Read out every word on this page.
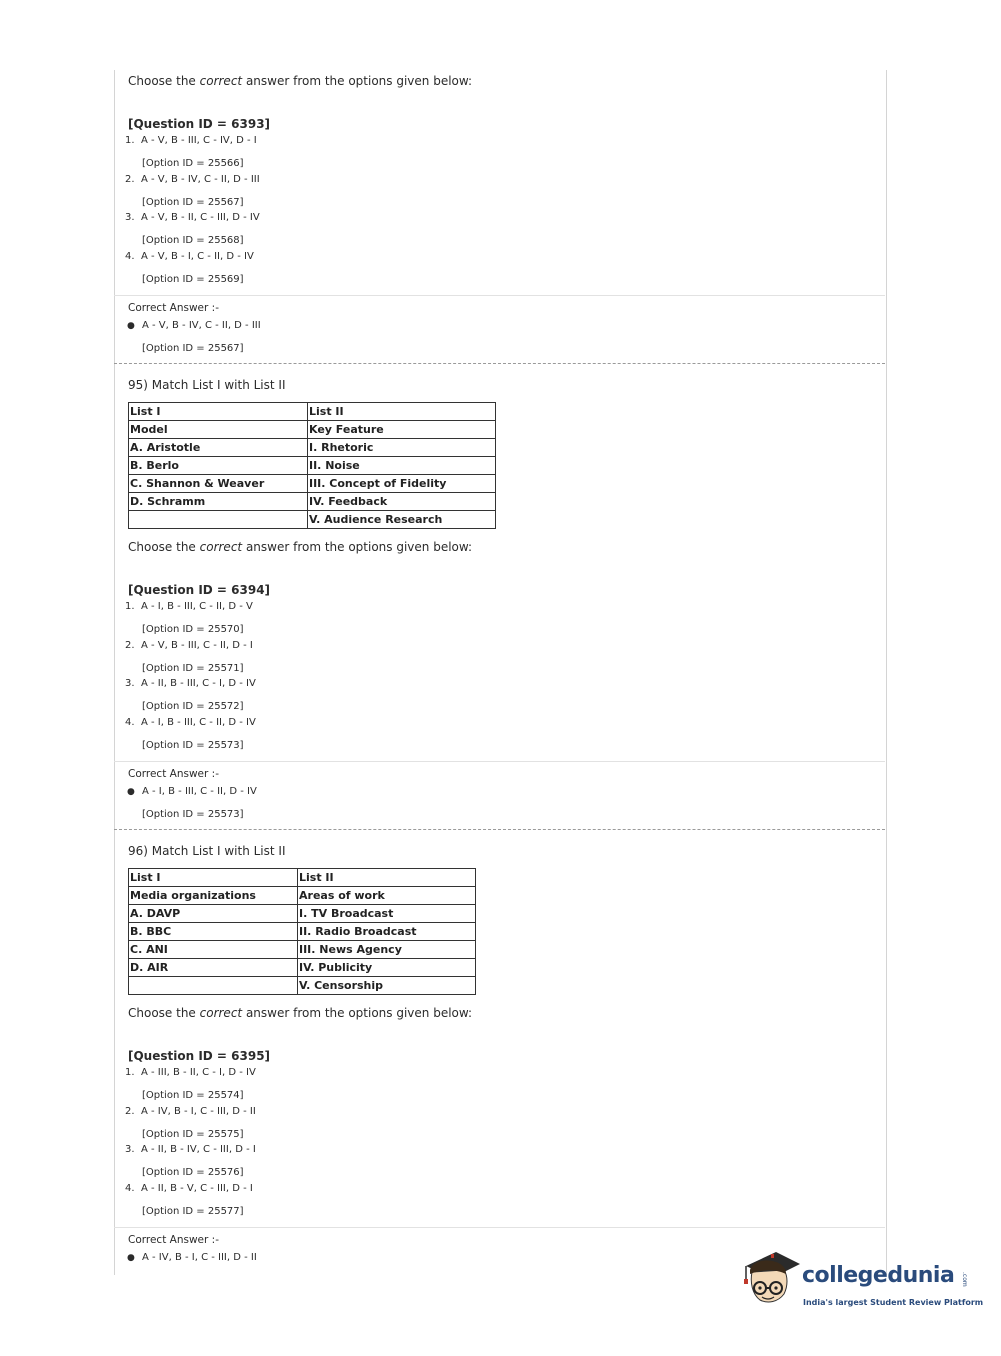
Choose the correct answer from the options given below:
[Question ID = 6393]
1. A - V, B - III, C - IV, D - I
[Option ID = 25566]
2. A - V, B - IV, C - II, D - III
[Option ID = 25567]
3. A - V, B - II, C - III, D - IV
[Option ID = 25568]
4. A - V, B - I, C - II, D - IV
[Option ID = 25569]
Correct Answer :-
● A - V, B - IV, C - II, D - III
[Option ID = 25567]
95) Match List I with List II
List I	List II
Model	Key Feature
A. Aristotle	I. Rhetoric
B. Berlo	II. Noise
C. Shannon & Weaver	III. Concept of Fidelity
D. Schramm	IV. Feedback
	V. Audience Research
Choose the correct answer from the options given below:
[Question ID = 6394]
1. A - I, B - III, C - II, D - V
[Option ID = 25570]
2. A - V, B - III, C - II, D - I
[Option ID = 25571]
3. A - II, B - III, C - I, D - IV
[Option ID = 25572]
4. A - I, B - III, C - II, D - IV
[Option ID = 25573]
Correct Answer :-
● A - I, B - III, C - II, D - IV
[Option ID = 25573]
96) Match List I with List II
List I	List II
Media organizations	Areas of work
A. DAVP	I. TV Broadcast
B. BBC	II. Radio Broadcast
C. ANI	III. News Agency
D. AIR	IV. Publicity
	V. Censorship
Choose the correct answer from the options given below:
[Question ID = 6395]
1. A - III, B - II, C - I, D - IV
[Option ID = 25574]
2. A - IV, B - I, C - III, D - II
[Option ID = 25575]
3. A - II, B - IV, C - III, D - I
[Option ID = 25576]
4. A - II, B - V, C - III, D - I
[Option ID = 25577]
Correct Answer :-
● A - IV, B - I, C - III, D - II
collegedunia .com
India's largest Student Review Platform
